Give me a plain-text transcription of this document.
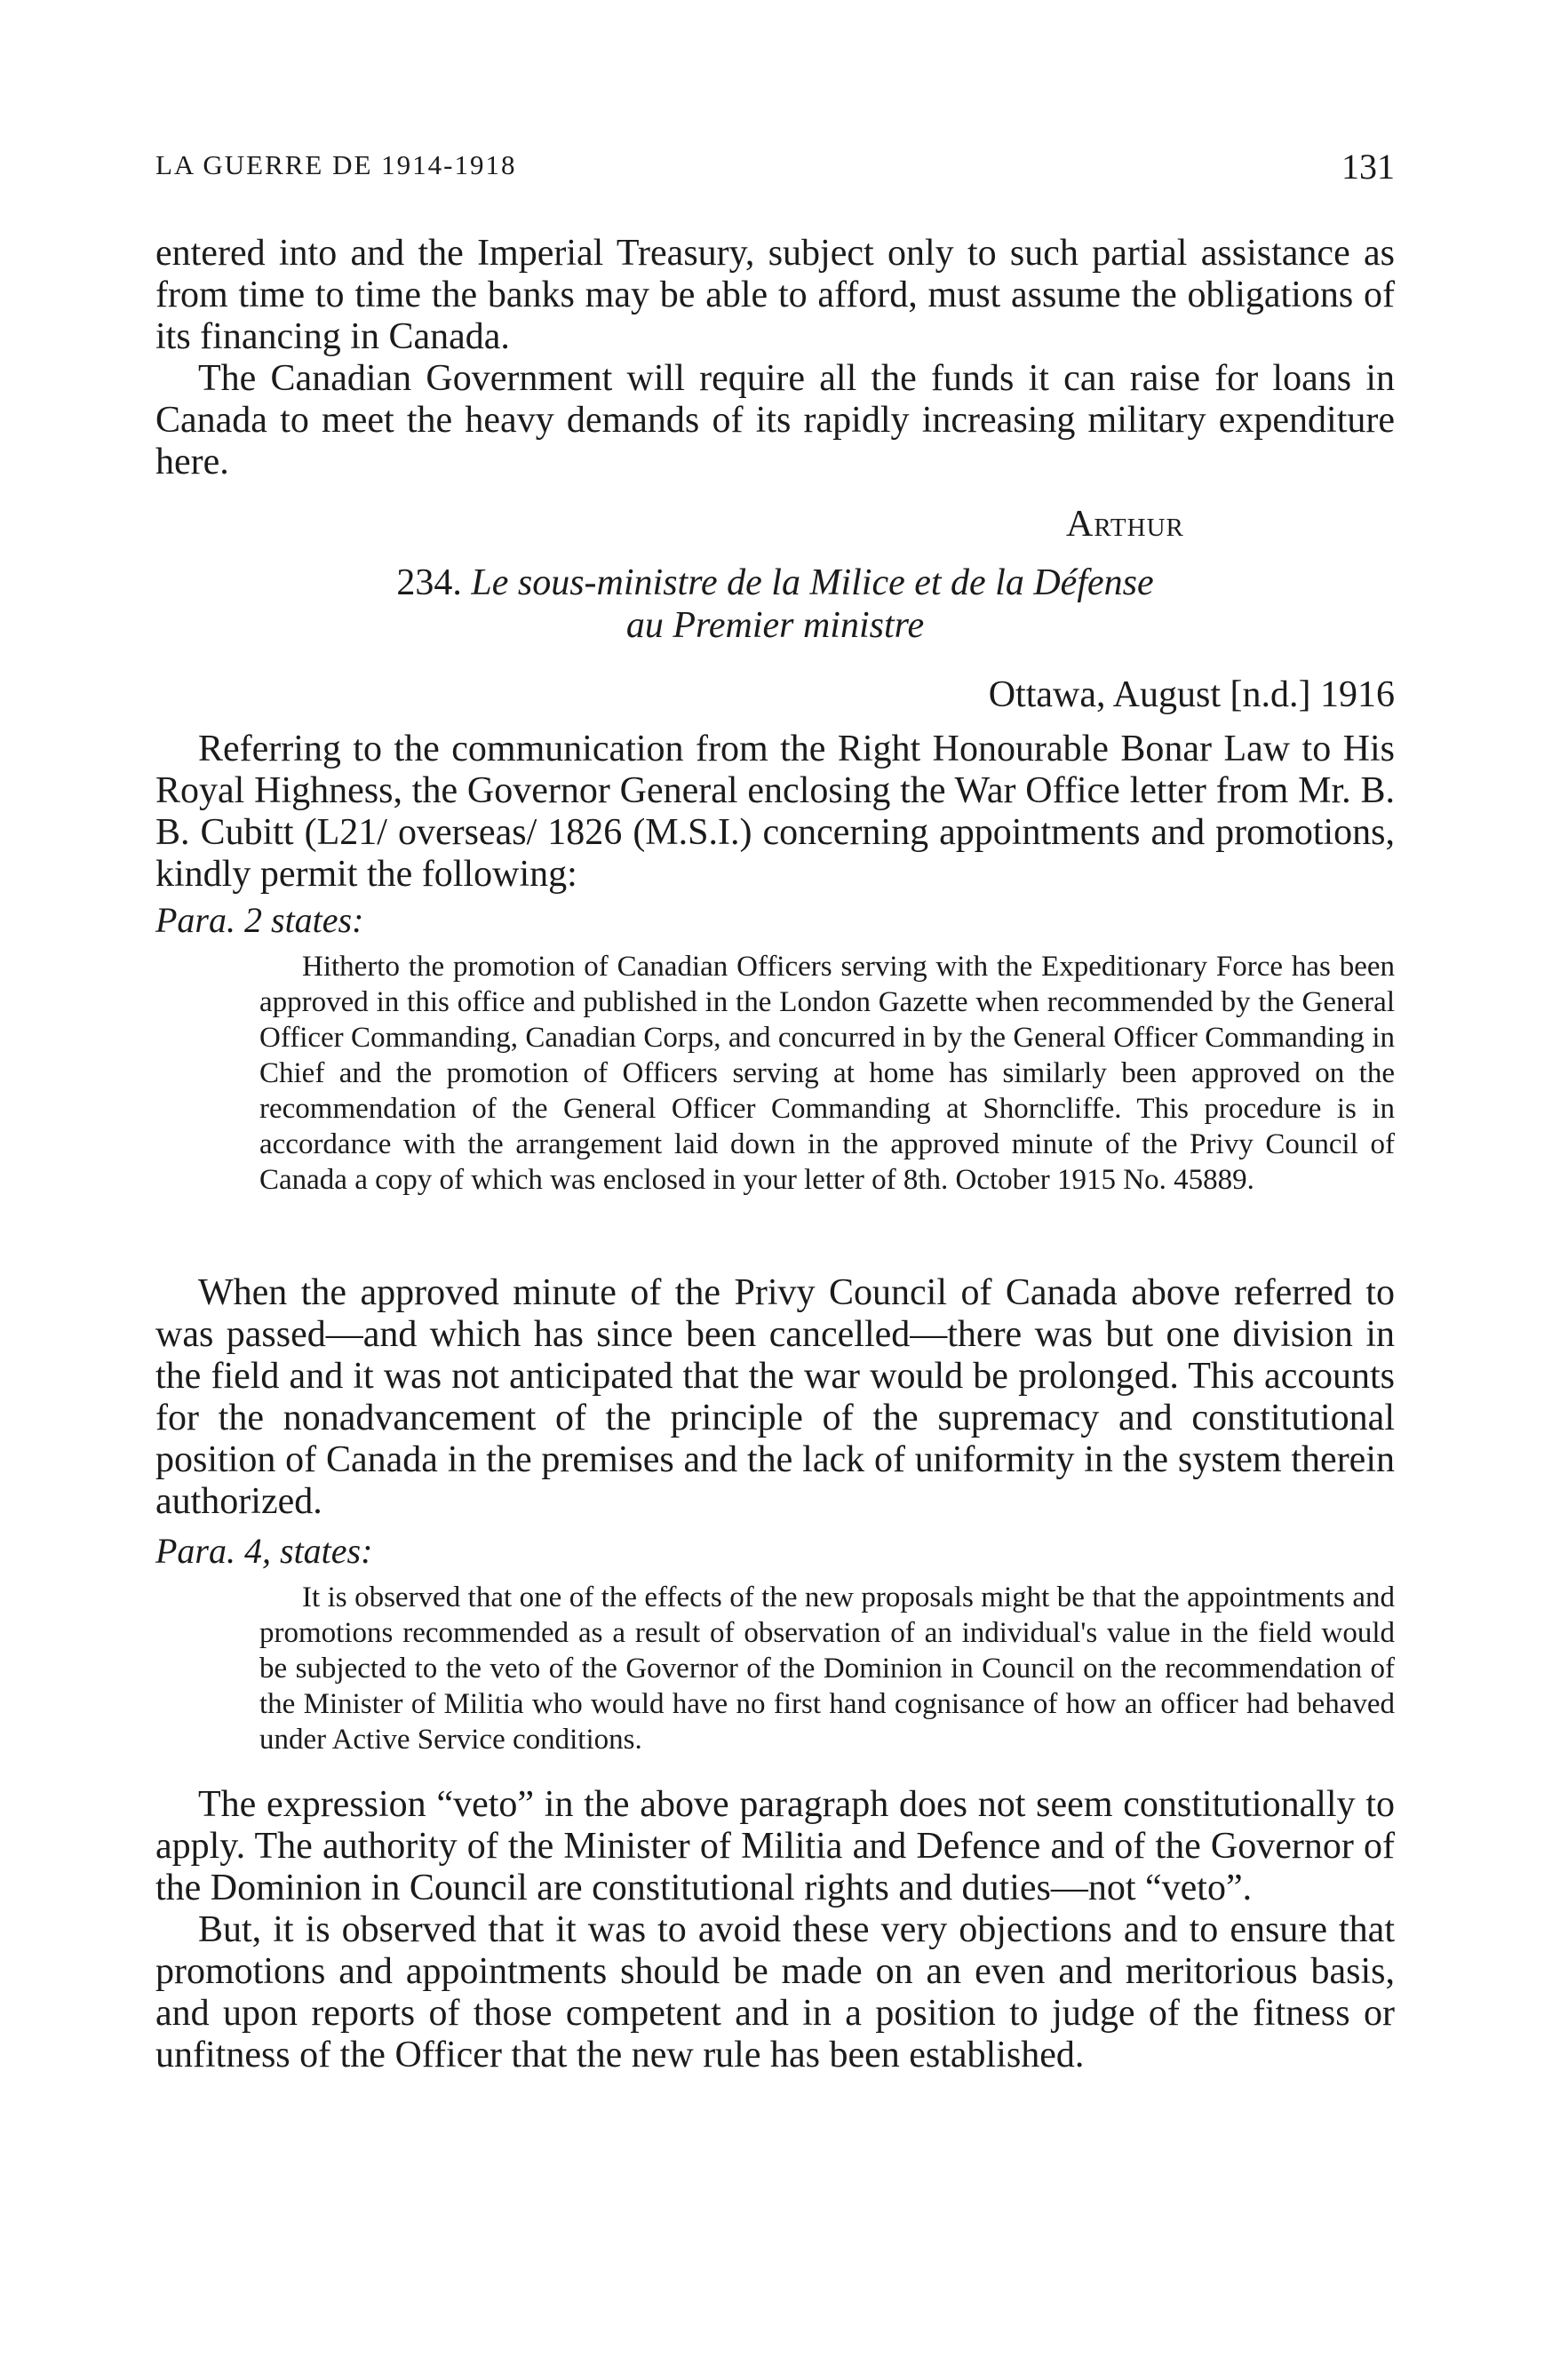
LA GUERRE DE 1914-1918	131

entered into and the Imperial Treasury, subject only to such partial assistance as from time to time the banks may be able to afford, must assume the obligations of its financing in Canada.

The Canadian Government will require all the funds it can raise for loans in Canada to meet the heavy demands of its rapidly increasing military expenditure here.

Arthur
234. Le sous-ministre de la Milice et de la Défense
au Premier ministre
Ottawa, August [n.d.] 1916

Referring to the communication from the Right Honourable Bonar Law to His Royal Highness, the Governor General enclosing the War Office letter from Mr. B. B. Cubitt (L21/ overseas/ 1826 (M.S.I.) concerning appointments and promotions, kindly permit the following:

Para. 2 states:

Hitherto the promotion of Canadian Officers serving with the Expeditionary Force has been approved in this office and published in the London Gazette when recommended by the General Officer Commanding, Canadian Corps, and concurred in by the General Officer Commanding in Chief and the promotion of Officers serving at home has similarly been approved on the recommendation of the General Officer Commanding at Shorncliffe. This procedure is in accordance with the arrangement laid down in the approved minute of the Privy Council of Canada a copy of which was enclosed in your letter of 8th. October 1915 No. 45889.

When the approved minute of the Privy Council of Canada above referred to was passed—and which has since been cancelled—there was but one division in the field and it was not anticipated that the war would be prolonged. This accounts for the nonadvancement of the principle of the supremacy and constitutional position of Canada in the premises and the lack of uniformity in the system therein authorized.

Para. 4, states:

It is observed that one of the effects of the new proposals might be that the appointments and promotions recommended as a result of observation of an individual's value in the field would be subjected to the veto of the Governor of the Dominion in Council on the recommendation of the Minister of Militia who would have no first hand cognisance of how an officer had behaved under Active Service conditions.

The expression “veto” in the above paragraph does not seem constitutionally to apply. The authority of the Minister of Militia and Defence and of the Governor of the Dominion in Council are constitutional rights and duties—not “veto”.

But, it is observed that it was to avoid these very objections and to ensure that promotions and appointments should be made on an even and meritorious basis, and upon reports of those competent and in a position to judge of the fitness or unfitness of the Officer that the new rule has been established.
